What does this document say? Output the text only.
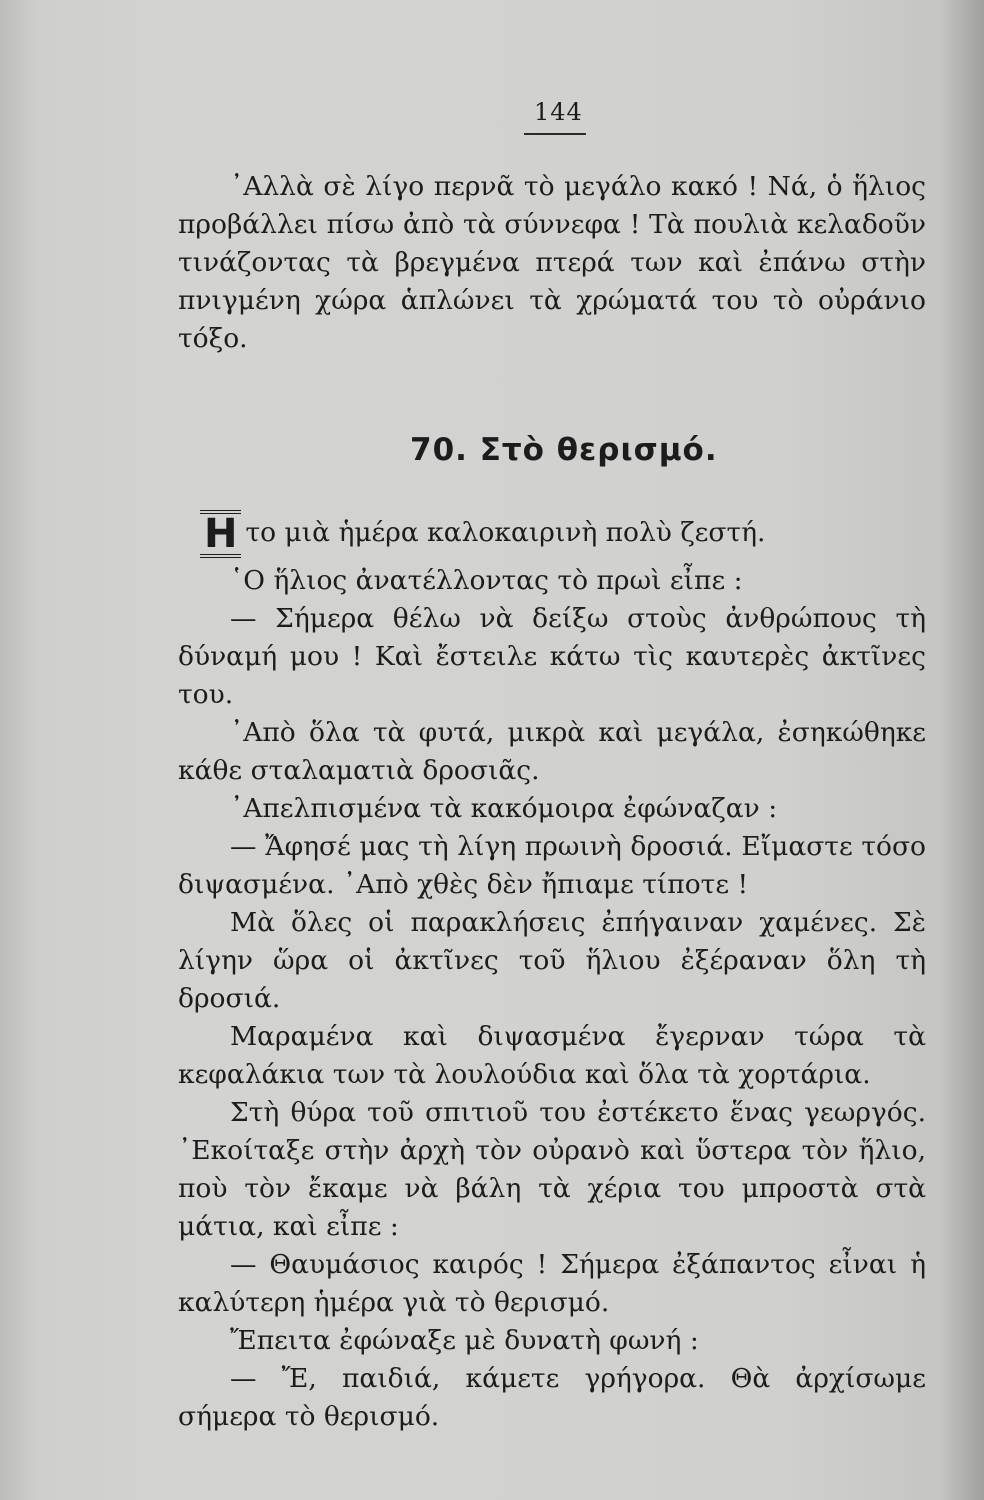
144

᾿Αλλὰ σὲ λίγο περνᾶ τὸ μεγάλο κακό ! Νά, ὁ ἥλιος προβάλλει πίσω ἀπὸ τὰ σύννεφα ! Τὰ πουλιὰ κελαδοῦν τινάζοντας τὰ βρεγμένα πτερά των καὶ ἐπάνω στὴν πνιγμένη χώρα ἁπλώνει τὰ χρώματά του τὸ οὐράνιο τόξο.

70. Στὸ θερισμό.
Η το μιὰ ἡμέρα καλοκαιρινὴ πολὺ ζεστή.
῾Ο ἥλιος ἀνατέλλοντας τὸ πρωὶ εἶπε :
— Σήμερα θέλω νὰ δείξω στοὺς ἀνθρώπους τὴ δύναμή μου ! Καὶ ἔστειλε κάτω τὶς καυτερὲς ἀκτῖνες του.
᾿Απὸ ὅλα τὰ φυτά, μικρὰ καὶ μεγάλα, ἐσηκώθηκε κάθε σταλαματιὰ δροσιᾶς.
᾿Απελπισμένα τὰ κακόμοιρα ἐφώναζαν :
— Ἄφησέ μας τὴ λίγη πρωινὴ δροσιά. Εἴμαστε τόσο διψασμένα. ᾿Απὸ χθὲς δὲν ἤπιαμε τίποτε !
Μὰ ὅλες οἱ παρακλήσεις ἐπήγαιναν χαμένες. Σὲ λίγην ὥρα οἱ ἀκτῖνες τοῦ ἥλιου ἐξέραναν ὅλη τὴ δροσιά.
Μαραμένα καὶ διψασμένα ἔγερναν τώρα τὰ κεφαλάκια των τὰ λουλούδια καὶ ὅλα τὰ χορτάρια.
Στὴ θύρα τοῦ σπιτιοῦ του ἐστέκετο ἕνας γεωργός. ᾿Εκοίταξε στὴν ἀρχὴ τὸν οὐρανὸ καὶ ὕστερα τὸν ἥλιο, ποὺ τὸν ἔκαμε νὰ βάλη τὰ χέρια του μπροστὰ στὰ μάτια, καὶ εἶπε :
— Θαυμάσιος καιρός ! Σήμερα ἐξάπαντος εἶναι ἡ καλύτερη ἡμέρα γιὰ τὸ θερισμό.
Ἔπειτα ἐφώναξε μὲ δυνατὴ φωνή :
— Ἔ, παιδιά, κάμετε γρήγορα. Θὰ ἀρχίσωμε σήμερα τὸ θερισμό.
